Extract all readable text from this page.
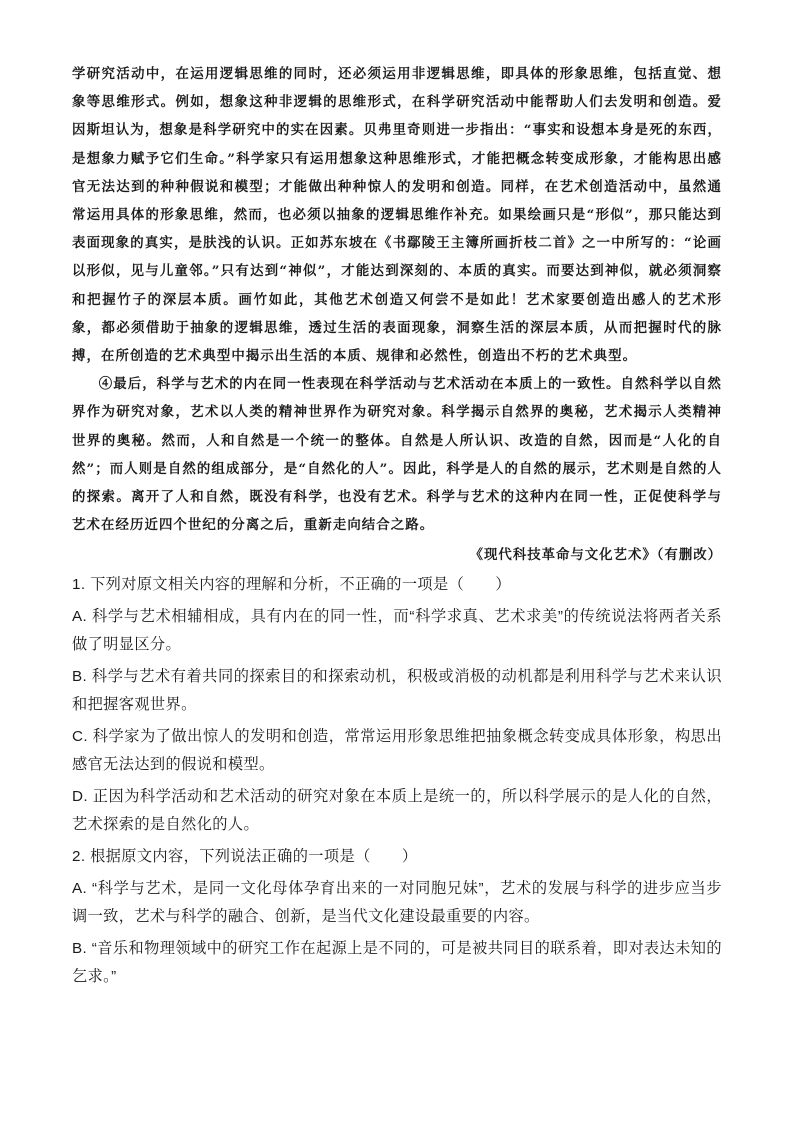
学研究活动中，在运用逻辑思维的同时，还必须运用非逻辑思维，即具体的形象思维，包括直觉、想象等思维形式。例如，想象这种非逻辑的思维形式，在科学研究活动中能帮助人们去发明和创造。爱因斯坦认为，想象是科学研究中的实在因素。贝弗里奇则进一步指出：“事实和设想本身是死的东西，是想象力赋予它们生命。”科学家只有运用想象这种思维形式，才能把概念转变成形象，才能构思出感官无法达到的种种假说和模型；才能做出种种惊人的发明和创造。同样，在艺术创造活动中，虽然通常运用具体的形象思维，然而，也必须以抽象的逻辑思维作补充。如果绘画只是“形似”，那只能达到表面现象的真实，是肤浅的认识。正如苏东坡在《书鄢陵王主簿所画折枝二首》之一中所写的：“论画以形似，见与儿童邻。”只有达到“神似”，才能达到深刻的、本质的真实。而要达到神似，就必须洞察和把握竹子的深层本质。画竹如此，其他艺术创造又何尝不是如此！艺术家要创造出感人的艺术形象，都必须借助于抽象的逻辑思维，透过生活的表面现象，洞察生活的深层本质，从而把握时代的脉搏，在所创造的艺术典型中揭示出生活的本质、规律和必然性，创造出不朽的艺术典型。

④最后，科学与艺术的内在同一性表现在科学活动与艺术活动在本质上的一致性。自然科学以自然界作为研究对象，艺术以人类的精神世界作为研究对象。科学揭示自然界的奥秘，艺术揭示人类精神世界的奥秘。然而，人和自然是一个统一的整体。自然是人所认识、改造的自然，因而是“人化的自然”；而人则是自然的组成部分，是“自然化的人”。因此，科学是人的自然的展示，艺术则是自然的人的探索。离开了人和自然，既没有科学，也没有艺术。科学与艺术的这种内在同一性，正促使科学与艺术在经历近四个世纪的分离之后，重新走向结合之路。

《现代科技革命与文化艺术》（有删改）

1. 下列对原文相关内容的理解和分析，不正确的一项是（　　）

A. 科学与艺术相辅相成，具有内在的同一性，而“科学求真、艺术求美”的传统说法将两者关系做了明显区分。

B. 科学与艺术有着共同的探索目的和探索动机，积极或消极的动机都是利用科学与艺术来认识和把握客观世界。

C. 科学家为了做出惊人的发明和创造，常常运用形象思维把抽象概念转变成具体形象，构思出感官无法达到的假说和模型。

D. 正因为科学活动和艺术活动的研究对象在本质上是统一的，所以科学展示的是人化的自然，艺术探索的是自然化的人。

2. 根据原文内容，下列说法正确的一项是（　　）

A. “科学与艺术，是同一文化母体孕育出来的一对同胞兄妹”，艺术的发展与科学的进步应当步调一致，艺术与科学的融合、创新，是当代文化建设最重要的内容。

B. “音乐和物理领域中的研究工作在起源上是不同的，可是被共同目的联系着，即对表达未知的乞求。”
